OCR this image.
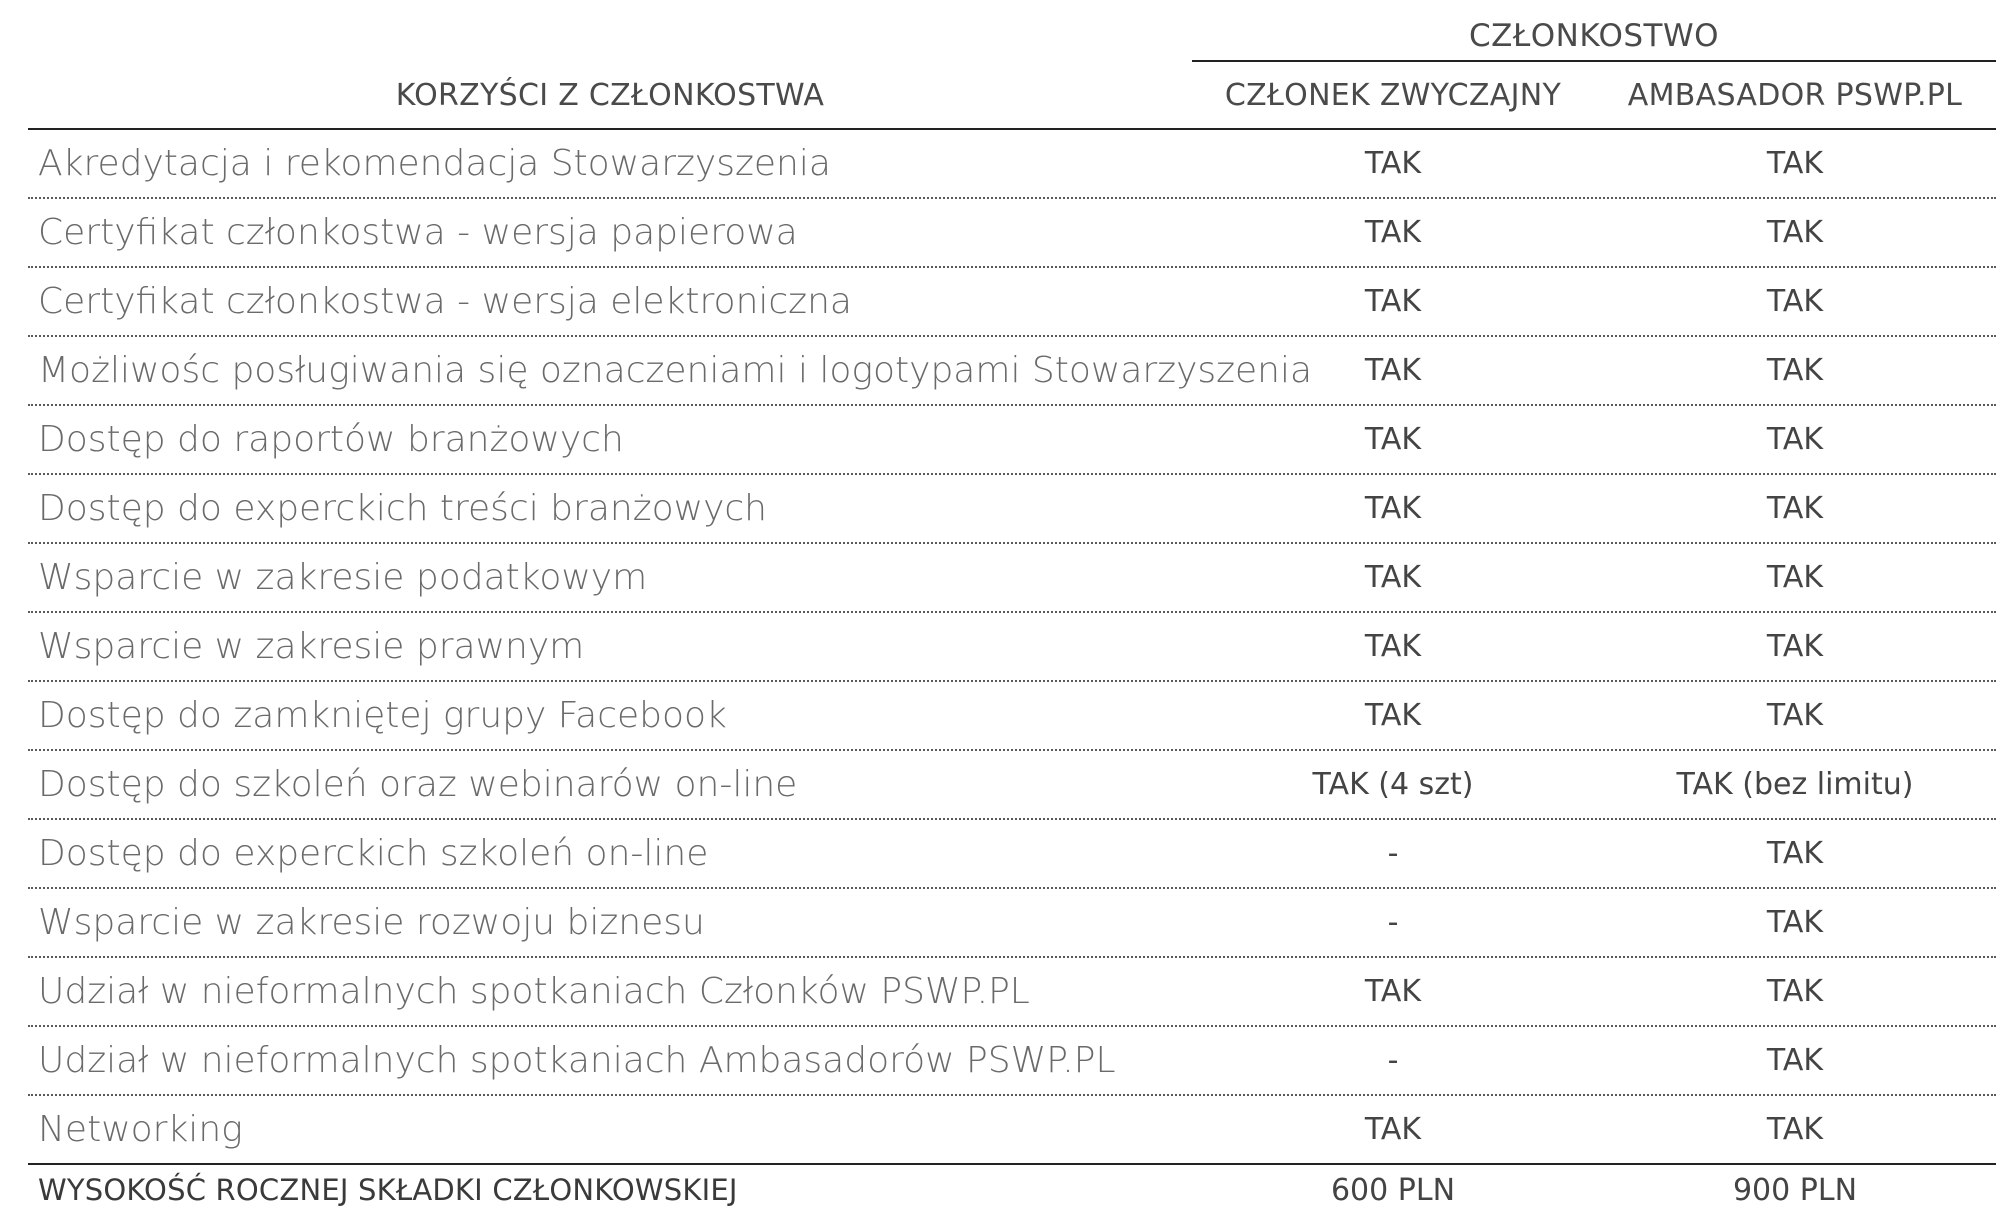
CZŁONKOSTWO
KORZYŚCI Z CZŁONKOSTWA	CZŁONEK ZWYCZAJNY	AMBASADOR PSWP.PL
Akredytacja i rekomendacja Stowarzyszenia	TAK	TAK
Certyfikat członkostwa - wersja papierowa	TAK	TAK
Certyfikat członkostwa - wersja elektroniczna	TAK	TAK
Możliwośc posługiwania się oznaczeniami i logotypami Stowarzyszenia	TAK	TAK
Dostęp do raportów branżowych	TAK	TAK
Dostęp do experckich treści branżowych	TAK	TAK
Wsparcie w zakresie podatkowym	TAK	TAK
Wsparcie w zakresie prawnym	TAK	TAK
Dostęp do zamkniętej grupy Facebook	TAK	TAK
Dostęp do szkoleń oraz webinarów on-line	TAK (4 szt)	TAK (bez limitu)
Dostęp do experckich szkoleń on-line	-	TAK
Wsparcie w zakresie rozwoju biznesu	-	TAK
Udział w nieformalnych spotkaniach Członków PSWP.PL	TAK	TAK
Udział w nieformalnych spotkaniach Ambasadorów PSWP.PL	-	TAK
Networking	TAK	TAK
WYSOKOŚĆ ROCZNEJ SKŁADKI CZŁONKOWSKIEJ	600 PLN	900 PLN
